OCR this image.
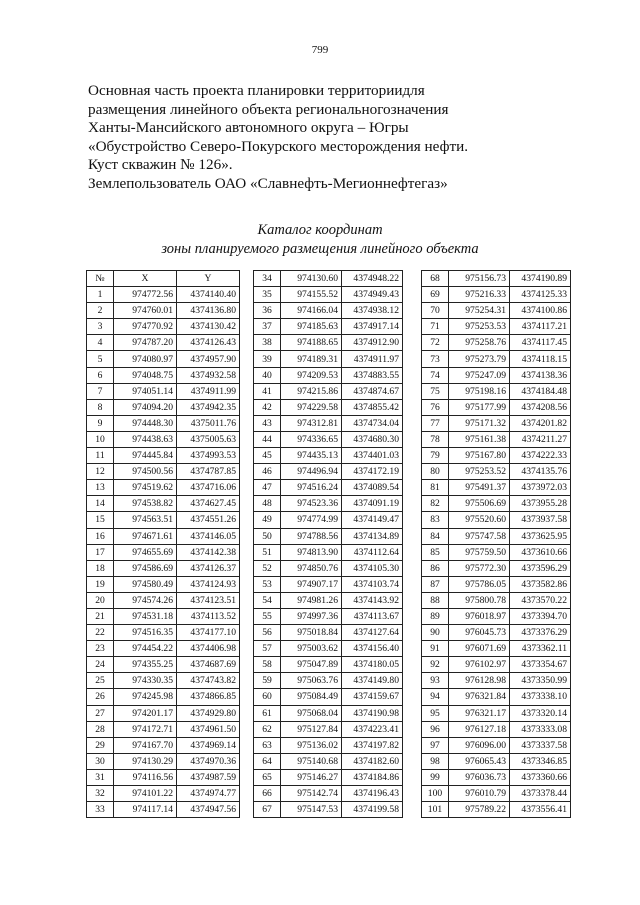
799
Основная часть проекта планировки территориидля
размещения линейного объекта региональногозначения
Ханты-Мансийского автономного округа – Югры
«Обустройство Северо-Покурского месторождения нефти.
Куст скважин № 126».
Землепользователь ОАО «Славнефть-Мегионнефтегаз»
Каталог координат
зоны планируемого размещения линейного объекта
№	X	Y
1	974772.56	4374140.40
2	974760.01	4374136.80
3	974770.92	4374130.42
4	974787.20	4374126.43
5	974080.97	4374957.90
6	974048.75	4374932.58
7	974051.14	4374911.99
8	974094.20	4374942.35
9	974448.30	4375011.76
10	974438.63	4375005.63
11	974445.84	4374993.53
12	974500.56	4374787.85
13	974519.62	4374716.06
14	974538.82	4374627.45
15	974563.51	4374551.26
16	974671.61	4374146.05
17	974655.69	4374142.38
18	974586.69	4374126.37
19	974580.49	4374124.93
20	974574.26	4374123.51
21	974531.18	4374113.52
22	974516.35	4374177.10
23	974454.22	4374406.98
24	974355.25	4374687.69
25	974330.35	4374743.82
26	974245.98	4374866.85
27	974201.17	4374929.80
28	974172.71	4374961.50
29	974167.70	4374969.14
30	974130.29	4374970.36
31	974116.56	4374987.59
32	974101.22	4374974.77
33	974117.14	4374947.56
34	974130.60	4374948.22
35	974155.52	4374949.43
36	974166.04	4374938.12
37	974185.63	4374917.14
38	974188.65	4374912.90
39	974189.31	4374911.97
40	974209.53	4374883.55
41	974215.86	4374874.67
42	974229.58	4374855.42
43	974312.81	4374734.04
44	974336.65	4374680.30
45	974435.13	4374401.03
46	974496.94	4374172.19
47	974516.24	4374089.54
48	974523.36	4374091.19
49	974774.99	4374149.47
50	974788.56	4374134.89
51	974813.90	4374112.64
52	974850.76	4374105.30
53	974907.17	4374103.74
54	974981.26	4374143.92
55	974997.36	4374113.67
56	975018.84	4374127.64
57	975003.62	4374156.40
58	975047.89	4374180.05
59	975063.76	4374149.80
60	975084.49	4374159.67
61	975068.04	4374190.98
62	975127.84	4374223.41
63	975136.02	4374197.82
64	975140.68	4374182.60
65	975146.27	4374184.86
66	975142.74	4374196.43
67	975147.53	4374199.58
68	975156.73	4374190.89
69	975216.33	4374125.33
70	975254.31	4374100.86
71	975253.53	4374117.21
72	975258.76	4374117.45
73	975273.79	4374118.15
74	975247.09	4374138.36
75	975198.16	4374184.48
76	975177.99	4374208.56
77	975171.32	4374201.82
78	975161.38	4374211.27
79	975167.80	4374222.33
80	975253.52	4374135.76
81	975491.37	4373972.03
82	975506.69	4373955.28
83	975520.60	4373937.58
84	975747.58	4373625.95
85	975759.50	4373610.66
86	975772.30	4373596.29
87	975786.05	4373582.86
88	975800.78	4373570.22
89	976018.97	4373394.70
90	976045.73	4373376.29
91	976071.69	4373362.11
92	976102.97	4373354.67
93	976128.98	4373350.99
94	976321.84	4373338.10
95	976321.17	4373320.14
96	976127.18	4373333.08
97	976096.00	4373337.58
98	976065.43	4373346.85
99	976036.73	4373360.66
100	976010.79	4373378.44
101	975789.22	4373556.41
